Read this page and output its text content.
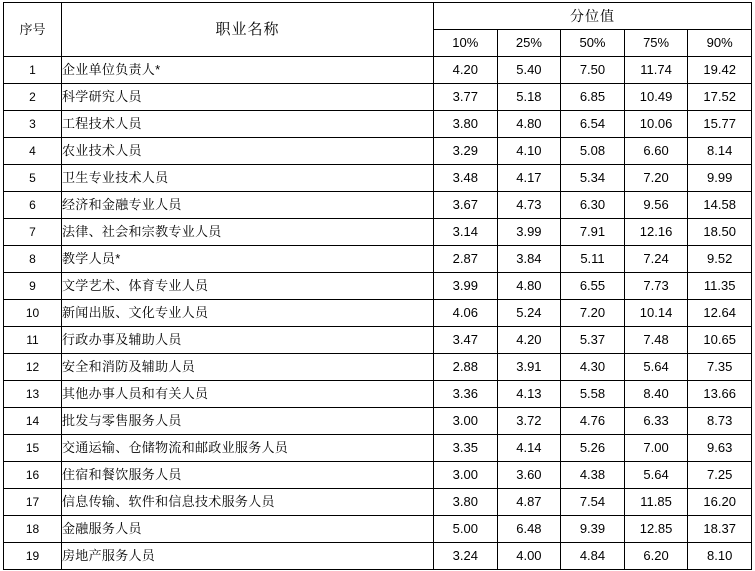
序号	职业名称	分位值				
		10%	25%	50%	75%	90%
1	企业单位负责人*	4.20	5.40	7.50	11.74	19.42
2	科学研究人员	3.77	5.18	6.85	10.49	17.52
3	工程技术人员	3.80	4.80	6.54	10.06	15.77
4	农业技术人员	3.29	4.10	5.08	6.60	8.14
5	卫生专业技术人员	3.48	4.17	5.34	7.20	9.99
6	经济和金融专业人员	3.67	4.73	6.30	9.56	14.58
7	法律、社会和宗教专业人员	3.14	3.99	7.91	12.16	18.50
8	教学人员*	2.87	3.84	5.11	7.24	9.52
9	文学艺术、体育专业人员	3.99	4.80	6.55	7.73	11.35
10	新闻出版、文化专业人员	4.06	5.24	7.20	10.14	12.64
11	行政办事及辅助人员	3.47	4.20	5.37	7.48	10.65
12	安全和消防及辅助人员	2.88	3.91	4.30	5.64	7.35
13	其他办事人员和有关人员	3.36	4.13	5.58	8.40	13.66
14	批发与零售服务人员	3.00	3.72	4.76	6.33	8.73
15	交通运输、仓储物流和邮政业服务人员	3.35	4.14	5.26	7.00	9.63
16	住宿和餐饮服务人员	3.00	3.60	4.38	5.64	7.25
17	信息传输、软件和信息技术服务人员	3.80	4.87	7.54	11.85	16.20
18	金融服务人员	5.00	6.48	9.39	12.85	18.37
19	房地产服务人员	3.24	4.00	4.84	6.20	8.10
